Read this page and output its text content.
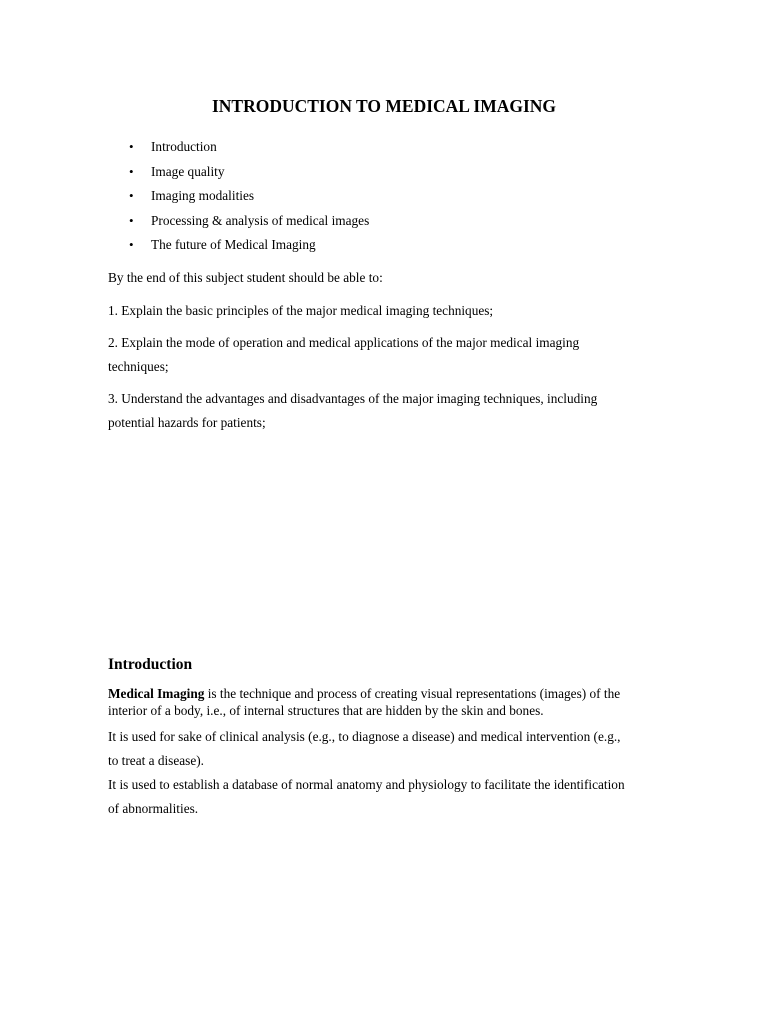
INTRODUCTION TO MEDICAL IMAGING
• Introduction
• Image quality
• Imaging modalities
• Processing & analysis of medical images
• The future of Medical Imaging

By the end of this subject student should be able to:

1. Explain the basic principles of the major medical imaging techniques;

2. Explain the mode of operation and medical applications of the major medical imaging
techniques;
3. Understand the advantages and disadvantages of the major imaging techniques, including
potential hazards for patients;
Introduction
Medical Imaging is the technique and process of creating visual representations (images) of the
interior of a body, i.e., of internal structures that are hidden by the skin and bones.
It is used for sake of clinical analysis (e.g., to diagnose a disease) and medical intervention (e.g.,
to treat a disease).
It is used to establish a database of normal anatomy and physiology to facilitate the identification
of abnormalities.
